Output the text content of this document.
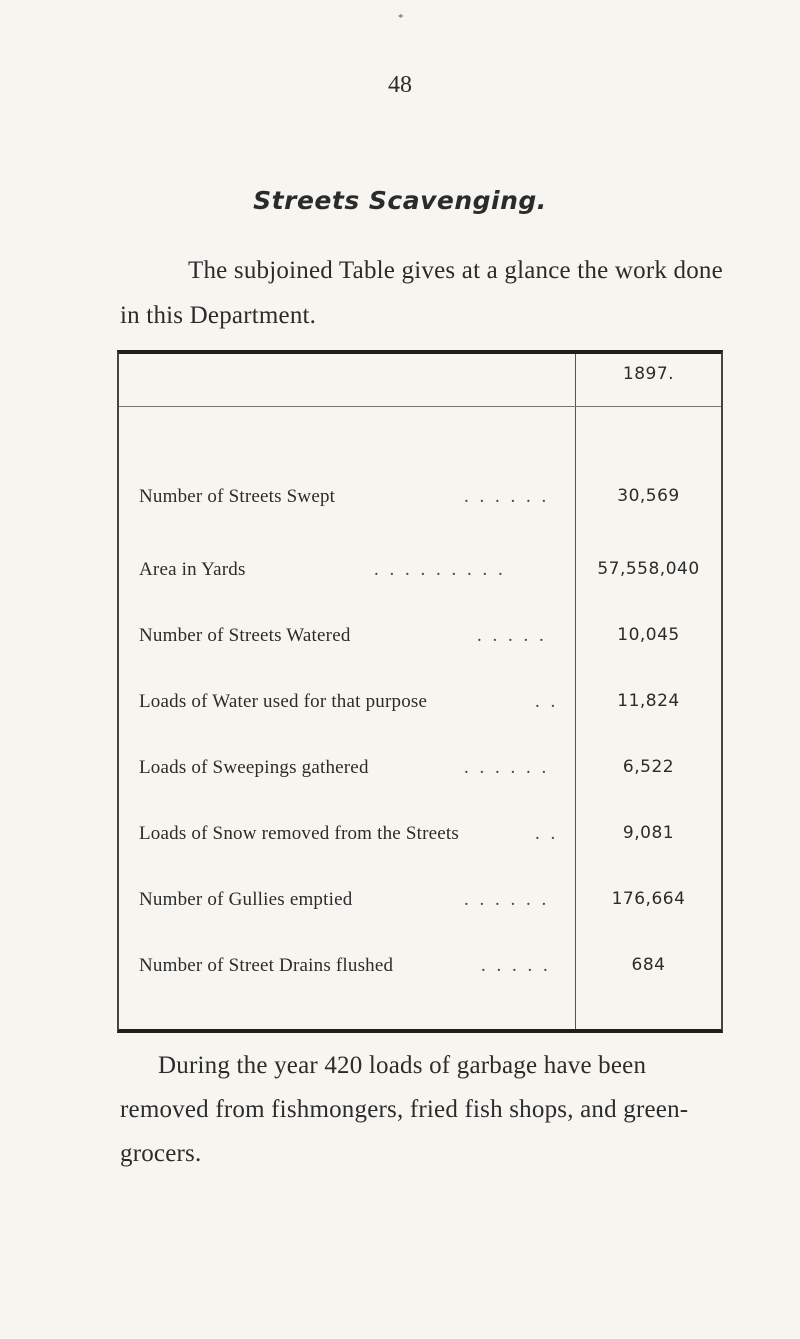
*
48
Streets Scavenging.
The subjoined Table gives at a glance the work done in this Department.
1897.
Number of Streets Swept	. . . . . .	30,569
Area in Yards	. . . . . . . . .	57,558,040
Number of Streets Watered	. . . . .	10,045
Loads of Water used for that purpose	. .	11,824
Loads of Sweepings gathered	. . . . . .	6,522
Loads of Snow removed from the Streets	. .	9,081
Number of Gullies emptied	. . . . . .	176,664
Number of Street Drains flushed	. . . . .	684
During the year 420 loads of garbage have been removed from fishmongers, fried fish shops, and green-grocers.
